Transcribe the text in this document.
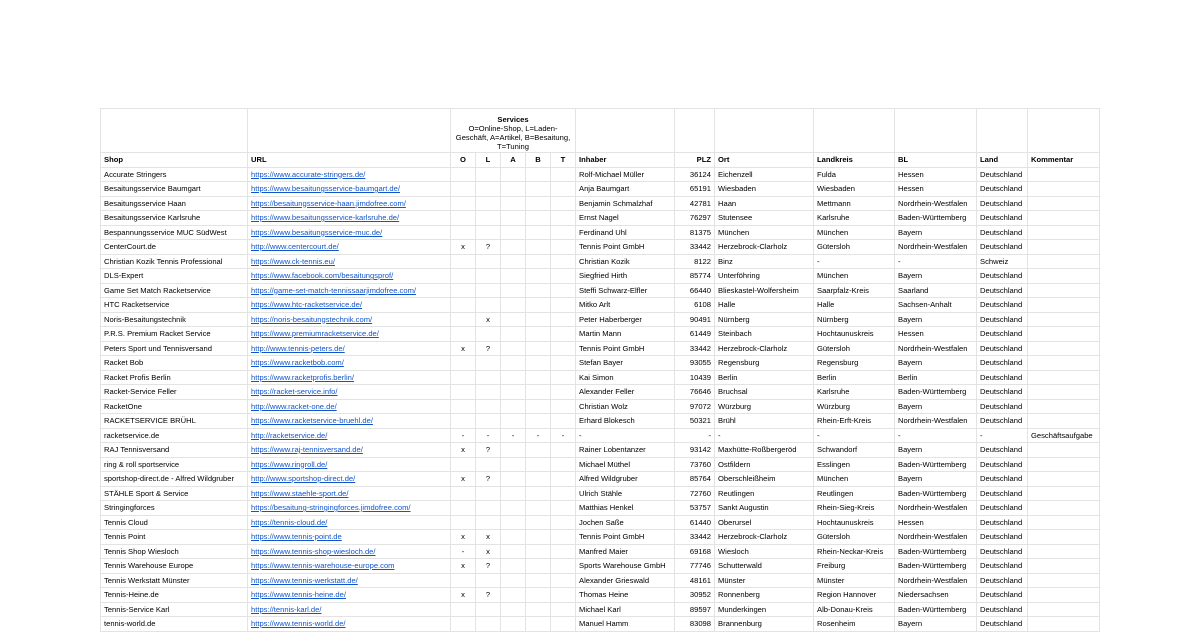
		Services
O=Online-Shop, L=Laden-Geschäft, A=Artikel, B=Besaitung, T=Tuning											
Shop	URL	O	L	A	B	T	Inhaber	PLZ	Ort	Landkreis	BL	Land	Kommentar
Accurate Stringers	https://www.accurate-stringers.de/						Rolf-Michael Müller	36124	Eichenzell	Fulda	Hessen	Deutschland	
Besaitungsservice Baumgart	https://www.besaitungsservice-baumgart.de/						Anja Baumgart	65191	Wiesbaden	Wiesbaden	Hessen	Deutschland	
Besaitungsservice Haan	https://besaitungsservice-haan.jimdofree.com/						Benjamin Schmalzhaf	42781	Haan	Mettmann	Nordrhein-Westfalen	Deutschland	
Besaitungsservice Karlsruhe	https://www.besaitungsservice-karlsruhe.de/						Ernst Nagel	76297	Stutensee	Karlsruhe	Baden-Württemberg	Deutschland	
Bespannungsservice MUC SüdWest	https://www.besaitungsservice-muc.de/						Ferdinand Uhl	81375	München	München	Bayern	Deutschland	
CenterCourt.de	http://www.centercourt.de/	x	?				Tennis Point GmbH	33442	Herzebrock-Clarholz	Gütersloh	Nordrhein-Westfalen	Deutschland	
Christian Kozik Tennis Professional	https://www.ck-tennis.eu/						Christian Kozik	8122	Binz	-	-	Schweiz	
DLS-Expert	https://www.facebook.com/besaitungsprof/						Siegfried Hirth	85774	Unterföhring	München	Bayern	Deutschland	
Game Set Match Racketservice	https://game-set-match-tennissaarjimdofree.com/						Steffi Schwarz-Elfler	66440	Blieskastel-Wolfersheim	Saarpfalz-Kreis	Saarland	Deutschland	
HTC Racketservice	https://www.htc-racketservice.de/						Mitko Arlt	6108	Halle	Halle	Sachsen-Anhalt	Deutschland	
Noris-Besaitungstechnik	https://noris-besaitungstechnik.com/		x				Peter Haberberger	90491	Nürnberg	Nürnberg	Bayern	Deutschland	
P.R.S. Premium Racket Service	https://www.premiumracketservice.de/						Martin Mann	61449	Steinbach	Hochtaunuskreis	Hessen	Deutschland	
Peters Sport und Tennisversand	http://www.tennis-peters.de/	x	?				Tennis Point GmbH	33442	Herzebrock-Clarholz	Gütersloh	Nordrhein-Westfalen	Deutschland	
Racket Bob	https://www.racketbob.com/						Stefan Bayer	93055	Regensburg	Regensburg	Bayern	Deutschland	
Racket Profis Berlin	https://www.racketprofis.berlin/						Kai Simon	10439	Berlin	Berlin	Berlin	Deutschland	
Racket-Service Feller	https://racket-service.info/						Alexander Feller	76646	Bruchsal	Karlsruhe	Baden-Württemberg	Deutschland	
RacketOne	http://www.racket-one.de/						Christian Wolz	97072	Würzburg	Würzburg	Bayern	Deutschland	
RACKETSERVICE BRÜHL	https://www.racketservice-bruehl.de/						Erhard Blokesch	50321	Brühl	Rhein-Erft-Kreis	Nordrhein-Westfalen	Deutschland	
racketservice.de	http://racketservice.de/	-	-	-	-	-	-	-	-	-	-	-	Geschäftsaufgabe
RAJ Tennisversand	https://www.raj-tennisversand.de/	x	?				Rainer Lobentanzer	93142	Maxhütte-Roßbergeröd	Schwandorf	Bayern	Deutschland	
ring & roll sportservice	https://www.ringroll.de/						Michael Müthel	73760	Ostfildern	Esslingen	Baden-Württemberg	Deutschland	
sportshop-direct.de - Alfred Wildgruber	http://www.sportshop-direct.de/	x	?				Alfred Wildgruber	85764	Oberschleißheim	München	Bayern	Deutschland	
STÄHLE Sport & Service	https://www.staehle-sport.de/						Ulrich Stähle	72760	Reutlingen	Reutlingen	Baden-Württemberg	Deutschland	
Stringingforces	https://besaitung-stringingforces.jimdofree.com/						Matthias Henkel	53757	Sankt Augustin	Rhein-Sieg-Kreis	Nordrhein-Westfalen	Deutschland	
Tennis Cloud	https://tennis-cloud.de/						Jochen Saße	61440	Oberursel	Hochtaunuskreis	Hessen	Deutschland	
Tennis Point	https://www.tennis-point.de	x	x				Tennis Point GmbH	33442	Herzebrock-Clarholz	Gütersloh	Nordrhein-Westfalen	Deutschland	
Tennis Shop Wiesloch	https://www.tennis-shop-wiesloch.de/	-	x				Manfred Maier	69168	Wiesloch	Rhein-Neckar-Kreis	Baden-Württemberg	Deutschland	
Tennis Warehouse Europe	https://www.tennis-warehouse-europe.com	x	?				Sports Warehouse GmbH	77746	Schutterwald	Freiburg	Baden-Württemberg	Deutschland	
Tennis Werkstatt Münster	https://www.tennis-werkstatt.de/						Alexander Grieswald	48161	Münster	Münster	Nordrhein-Westfalen	Deutschland	
Tennis-Heine.de	https://www.tennis-heine.de/	x	?				Thomas Heine	30952	Ronnenberg	Region Hannover	Niedersachsen	Deutschland	
Tennis-Service Karl	https://tennis-karl.de/						Michael Karl	89597	Munderkingen	Alb-Donau-Kreis	Baden-Württemberg	Deutschland	
tennis-world.de	https://www.tennis-world.de/						Manuel Hamm	83098	Brannenburg	Rosenheim	Bayern	Deutschland	
